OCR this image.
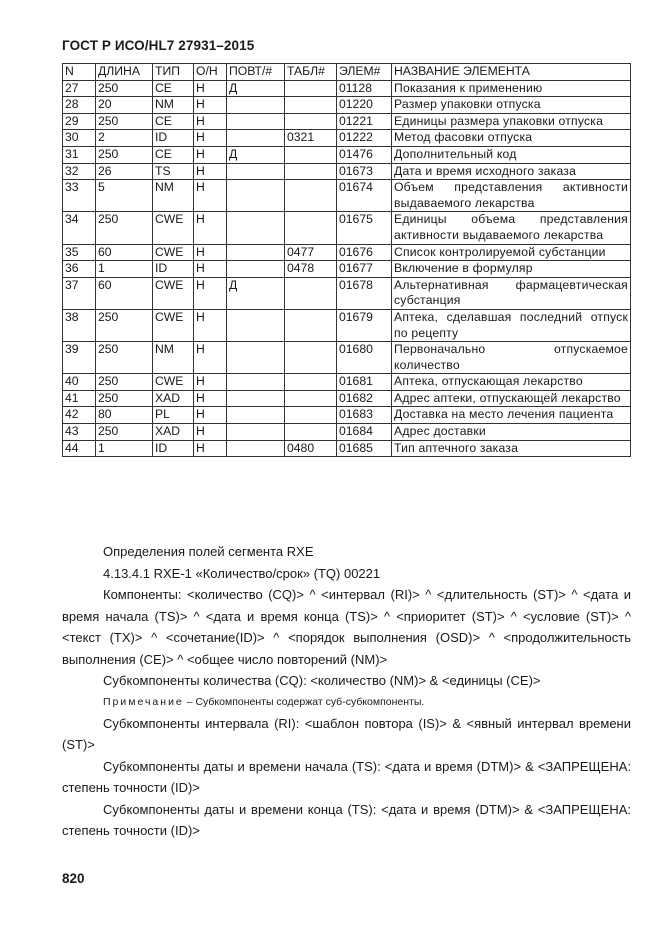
ГОСТ Р ИСО/HL7 27931–2015
N	ДЛИНА	ТИП	О/Н	ПОВТ/#	ТАБЛ#	ЭЛЕМ#	НАЗВАНИЕ ЭЛЕМЕНТА
27	250	CE	Н	Д		01128	Показания к применению
28	20	NM	Н			01220	Размер упаковки отпуска
29	250	CE	Н			01221	Единицы размера упаковки отпуска
30	2	ID	Н		0321	01222	Метод фасовки отпуска
31	250	CE	Н	Д		01476	Дополнительный код
32	26	TS	Н			01673	Дата и время исходного заказа
33	5	NM	Н			01674	Объем представления активности выдаваемого лекарства
34	250	CWE	Н			01675	Единицы объема представления активности выдаваемого лекарства
35	60	CWE	Н		0477	01676	Список контролируемой субстанции
36	1	ID	Н		0478	01677	Включение в формуляр
37	60	CWE	Н	Д		01678	Альтернативная фармацевтическая субстанция
38	250	CWE	Н			01679	Аптека, сделавшая последний отпуск по рецепту
39	250	NM	Н			01680	Первоначально отпускаемое количество
40	250	CWE	Н			01681	Аптека, отпускающая лекарство
41	250	XAD	Н			01682	Адрес аптеки, отпускающей лекарство
42	80	PL	Н			01683	Доставка на место лечения пациента
43	250	XAD	Н			01684	Адрес доставки
44	1	ID	Н		0480	01685	Тип аптечного заказа

Определения полей сегмента RXE

4.13.4.1 RXE-1 «Количество/срок» (TQ) 00221

Компоненты: <количество (CQ)> ^ <интервал (RI)> ^ <длительность (ST)> ^ <дата и время начала (TS)> ^ <дата и время конца (TS)> ^ <приоритет (ST)> ^ <условие (ST)> ^ <текст (TX)> ^ <сочетание(ID)> ^ <порядок выполнения (OSD)> ^ <продолжительность выполнения (CE)> ^ <общее число повторений (NM)>

Субкомпоненты количества (CQ): <количество (NM)> & <единицы (CE)>

Примечание – Субкомпоненты содержат суб-субкомпоненты.

Субкомпоненты интервала (RI): <шаблон повтора (IS)> & <явный интервал времени (ST)>

Субкомпоненты даты и времени начала (TS): <дата и время (DTM)> & <ЗАПРЕЩЕНА: степень точности (ID)>

Субкомпоненты даты и времени конца (TS): <дата и время (DTM)> & <ЗАПРЕЩЕНА: степень точности (ID)>

820
